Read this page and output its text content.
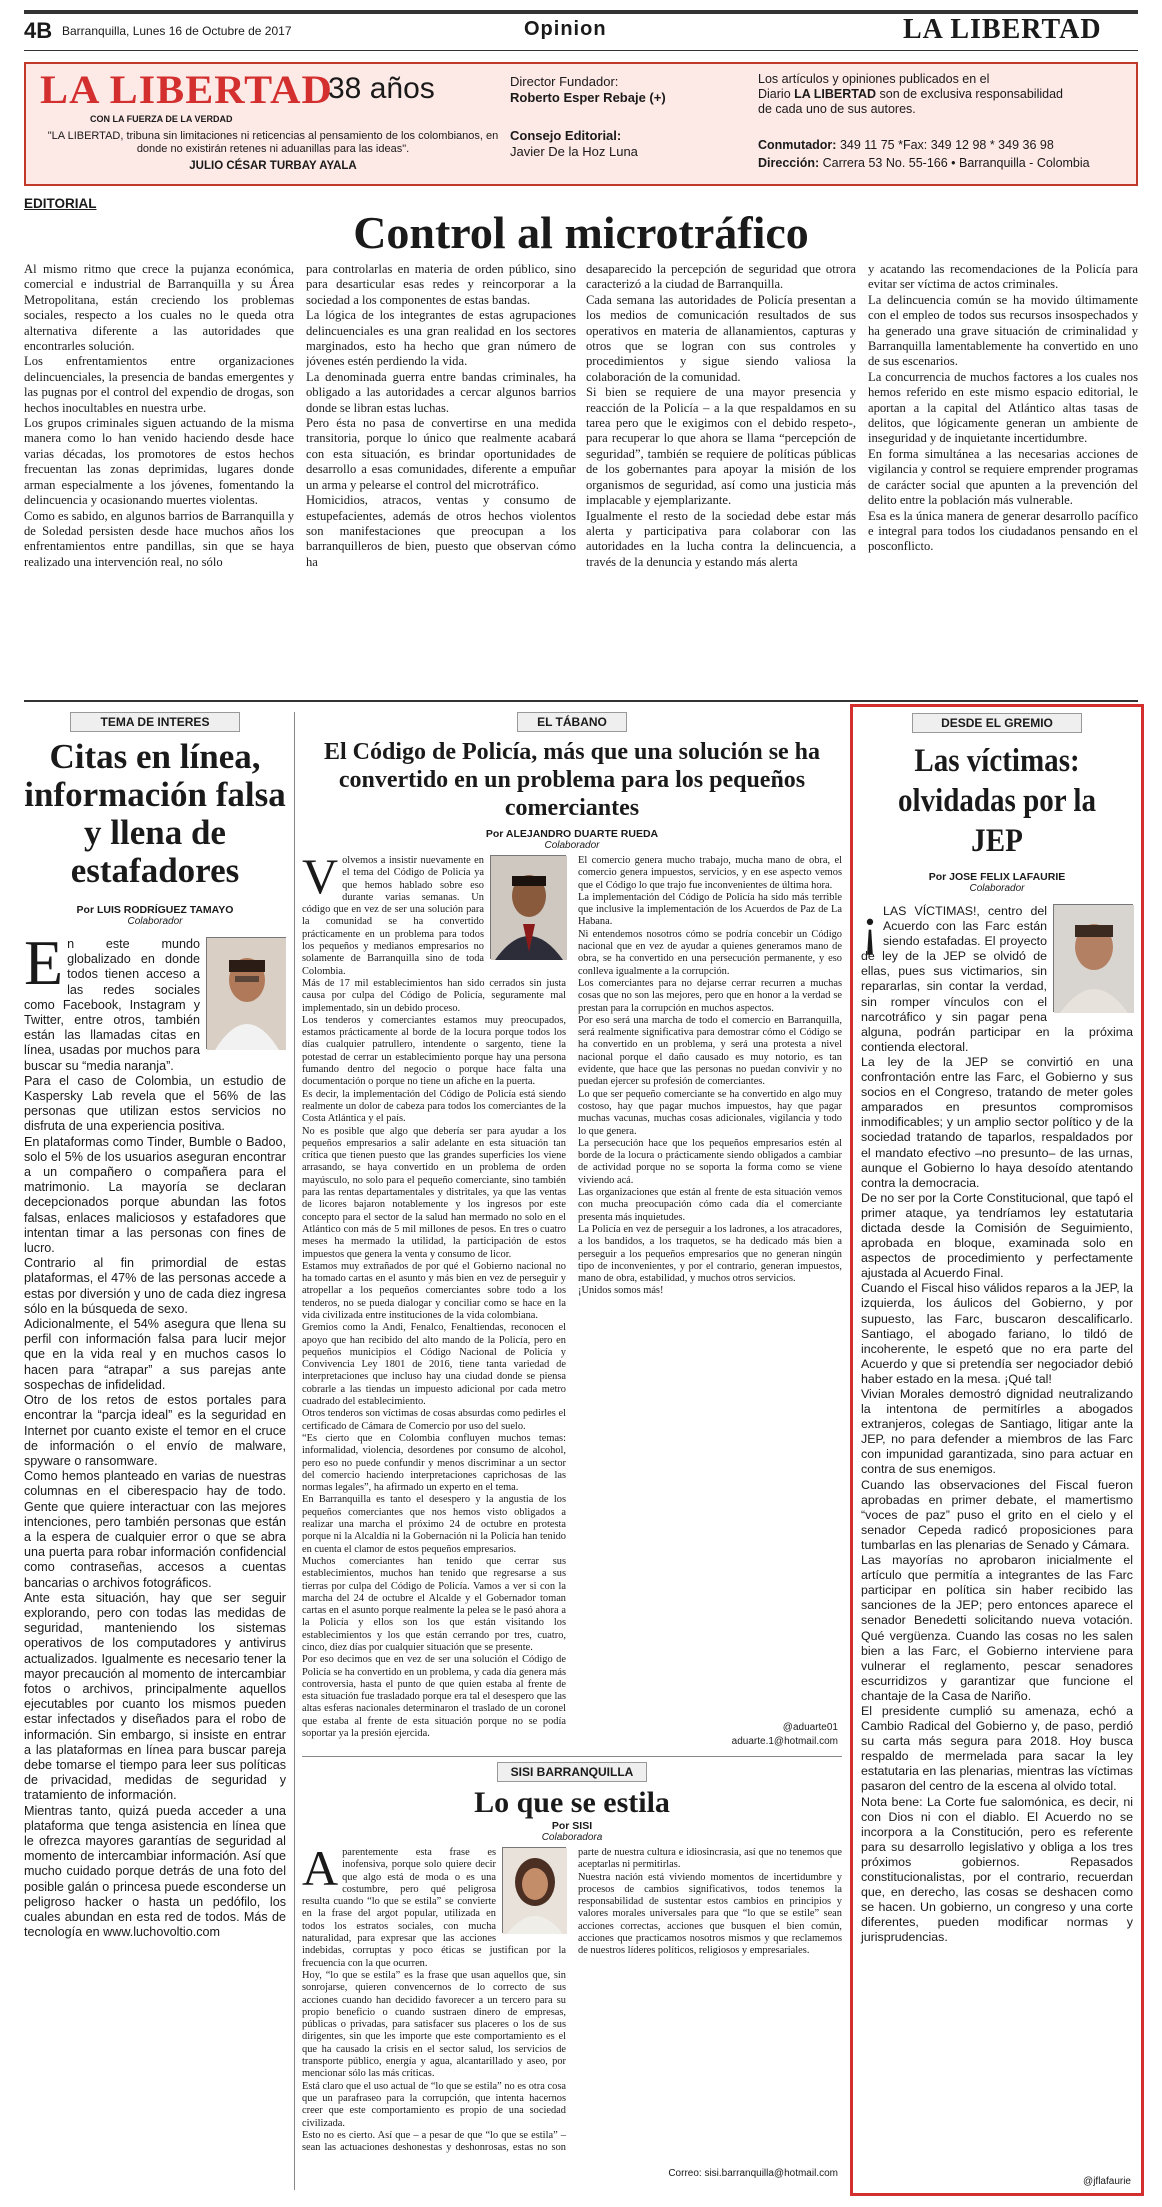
4B Barranquilla, Lunes 16 de Octubre de 2017	Opinion	LA LIBERTAD
LA LIBERTAD
38 años
CON LA FUERZA DE LA VERDAD
"LA LIBERTAD, tribuna sin limitaciones ni reticencias al pensamiento de los colombianos, en donde no existirán retenes ni aduanillas para las ideas".
JULIO CÉSAR TURBAY AYALA
Director Fundador:
Roberto Esper Rebaje (+)
Consejo Editorial:
Javier De la Hoz Luna
Los artículos y opiniones publicados en el
Diario LA LIBERTAD son de exclusiva responsabilidad
de cada uno de sus autores.
Conmutador: 349 11 75 *Fax: 349 12 98 * 349 36 98
Dirección: Carrera 53 No. 55-166 • Barranquilla - Colombia
EDITORIAL
Control al microtráfico

Al mismo ritmo que crece la pujanza económica, comercial e industrial de Barranquilla y su Área Metropolitana, están creciendo los problemas sociales, respecto a los cuales no le queda otra alternativa diferente a las autoridades que encontrarles solución.

Los enfrentamientos entre organizaciones delincuenciales, la presencia de bandas emergentes y las pugnas por el control del expendio de drogas, son hechos inocultables en nuestra urbe.

Los grupos criminales siguen actuando de la misma manera como lo han venido haciendo desde hace varias décadas, los promotores de estos hechos frecuentan las zonas deprimidas, lugares donde arman especialmente a los jóvenes, fomentando la delincuencia y ocasionando muertes violentas.

Como es sabido, en algunos barrios de Barranquilla y de Soledad persisten desde hace muchos años los enfrentamientos entre pandillas, sin que se haya realizado una intervención real, no sólo

para controlarlas en materia de orden público, sino para desarticular esas redes y reincorporar a la sociedad a los componentes de estas bandas.

La lógica de los integrantes de estas agrupaciones delincuenciales es una gran realidad en los sectores marginados, esto ha hecho que gran número de jóvenes estén perdiendo la vida.

La denominada guerra entre bandas criminales, ha obligado a las autoridades a cercar algunos barrios donde se libran estas luchas.

Pero ésta no pasa de convertirse en una medida transitoria, porque lo único que realmente acabará con esta situación, es brindar oportunidades de desarrollo a esas comunidades, diferente a empuñar un arma y pelearse el control del microtráfico.

Homicidios, atracos, ventas y consumo de estupefacientes, además de otros hechos violentos son manifestaciones que preocupan a los barranquilleros de bien, puesto que observan cómo ha

desaparecido la percepción de seguridad que otrora caracterizó a la ciudad de Barranquilla.

Cada semana las autoridades de Policía presentan a los medios de comunicación resultados de sus operativos en materia de allanamientos, capturas y otros que se logran con sus controles y procedimientos y sigue siendo valiosa la colaboración de la comunidad.

Si bien se requiere de una mayor presencia y reacción de la Policía – a la que respaldamos en su tarea pero que le exigimos con el debido respeto-, para recuperar lo que ahora se llama “percepción de seguridad”, también se requiere de políticas públicas de los gobernantes para apoyar la misión de los organismos de seguridad, así como una justicia más implacable y ejemplarizante.

Igualmente el resto de la sociedad debe estar más alerta y participativa para colaborar con las autoridades en la lucha contra la delincuencia, a través de la denuncia y estando más alerta

y acatando las recomendaciones de la Policía para evitar ser víctima de actos criminales.

La delincuencia común se ha movido últimamente con el empleo de todos sus recursos insospechados y ha generado una grave situación de criminalidad y Barranquilla lamentablemente ha convertido en uno de sus escenarios.

La concurrencia de muchos factores a los cuales nos hemos referido en este mismo espacio editorial, le aportan a la capital del Atlántico altas tasas de delitos, que lógicamente generan un ambiente de inseguridad y de inquietante incertidumbre.

En forma simultánea a las necesarias acciones de vigilancia y control se requiere emprender programas de carácter social que apunten a la prevención del delito entre la población más vulnerable.

Esa es la única manera de generar desarrollo pacífico e integral para todos los ciudadanos pensando en el posconflicto.

TEMA DE INTERES
Citas en línea, información falsa y llena de estafadores
Por LUIS RODRÍGUEZ TAMAYO
Colaborador
E n este mundo globalizado en donde todos tienen acceso a las redes sociales como Facebook, Instagram y Twitter, entre otros, también están las llamadas citas en línea, usadas por muchos para buscar su “media naranja”.

Para el caso de Colombia, un estudio de Kaspersky Lab revela que el 56% de las personas que utilizan estos servicios no disfruta de una experiencia positiva.

En plataformas como Tinder, Bumble o Badoo, solo el 5% de los usuarios aseguran encontrar a un compañero o compañera para el matrimonio. La mayoría se declaran decepcionados porque abundan las fotos falsas, enlaces maliciosos y estafadores que intentan timar a las personas con fines de lucro.

Contrario al fin primordial de estas plataformas, el 47% de las personas accede a estas por diversión y uno de cada diez ingresa sólo en la búsqueda de sexo.

Adicionalmente, el 54% asegura que llena su perfil con información falsa para lucir mejor que en la vida real y en muchos casos lo hacen para “atrapar” a sus parejas ante sospechas de infidelidad.

Otro de los retos de estos portales para encontrar la “parcja ideal” es la seguridad en Internet por cuanto existe el temor en el cruce de información o el envío de malware, spyware o ransomware.

Como hemos planteado en varias de nuestras columnas en el ciberespacio hay de todo. Gente que quiere interactuar con las mejores intenciones, pero también personas que están a la espera de cualquier error o que se abra una puerta para robar información confidencial como contraseñas, accesos a cuentas bancarias o archivos fotográficos.

Ante esta situación, hay que ser seguir explorando, pero con todas las medidas de seguridad, manteniendo los sistemas operativos de los computadores y antivirus actualizados. Igualmente es necesario tener la mayor precaución al momento de intercambiar fotos o archivos, principalmente aquellos ejecutables por cuanto los mismos pueden estar infectados y diseñados para el robo de información. Sin embargo, si insiste en entrar a las plataformas en línea para buscar pareja debe tomarse el tiempo para leer sus políticas de privacidad, medidas de seguridad y tratamiento de información.

Mientras tanto, quizá pueda acceder a una plataforma que tenga asistencia en línea que le ofrezca mayores garantías de seguridad al momento de intercambiar información. Así que mucho cuidado porque detrás de una foto del posible galán o princesa puede esconderse un peligroso hacker o hasta un pedófilo, los cuales abundan en esta red de todos. Más de tecnología en www.luchovoltio.com

EL TÁBANO
El Código de Policía, más que una solución se ha convertido en un problema para los pequeños comerciantes
Por ALEJANDRO DUARTE RUEDA
Colaborador
V olvemos a insistir nuevamente en el tema del Código de Policía ya que hemos hablado sobre eso durante varias semanas. Un código que en vez de ser una solución para la comunidad se ha convertido prácticamente en un problema para todos los pequeños y medianos empresarios no solamente de Barranquilla sino de toda Colombia.

Más de 17 mil establecimientos han sido cerrados sin justa causa por culpa del Código de Policía, seguramente mal implementado, sin un debido proceso.

Los tenderos y comerciantes estamos muy preocupados, estamos prácticamente al borde de la locura porque todos los días cualquier patrullero, intendente o sargento, tiene la potestad de cerrar un establecimiento porque hay una persona fumando dentro del negocio o porque hace falta una documentación o porque no tiene un afiche en la puerta.

Es decir, la implementación del Código de Policía está siendo realmente un dolor de cabeza para todos los comerciantes de la Costa Atlántica y el país.

No es posible que algo que debería ser para ayudar a los pequeños empresarios a salir adelante en esta situación tan crítica que tienen puesto que las grandes superficies los viene arrasando, se haya convertido en un problema de orden mayúsculo, no solo para el pequeño comerciante, sino también para las rentas departamentales y distritales, ya que las ventas de licores bajaron notablemente y los ingresos por este concepto para el sector de la salud han mermado no solo en el Atlántico con más de 5 mil millones de pesos. En tres o cuatro meses ha mermado la utilidad, la participación de estos impuestos que genera la venta y consumo de licor.

Estamos muy extrañados de por qué el Gobierno nacional no ha tomado cartas en el asunto y más bien en vez de perseguir y atropellar a los pequeños comerciantes sobre todo a los tenderos, no se pueda dialogar y conciliar como se hace en la vida civilizada entre instituciones de la vida colombiana.

Gremios como la Andi, Fenalco, Fenaltiendas, reconocen el apoyo que han recibido del alto mando de la Policía, pero en pequeños municipios el Código Nacional de Policía y Convivencia Ley 1801 de 2016, tiene tanta variedad de interpretaciones que incluso hay una ciudad donde se piensa cobrarle a las tiendas un impuesto adicional por cada metro cuadrado del establecimiento.

Otros tenderos son víctimas de cosas absurdas como pedirles el certificado de Cámara de Comercio por uso del suelo.

“Es cierto que en Colombia confluyen muchos temas: informalidad, violencia, desordenes por consumo de alcohol, pero eso no puede confundir y menos discriminar a un sector del comercio haciendo interpretaciones caprichosas de las normas legales”, ha afirmado un experto en el tema.

En Barranquilla es tanto el desespero y la angustia de los pequeños comerciantes que nos hemos visto obligados a realizar una marcha el próximo 24 de octubre en protesta porque ni la Alcaldía ni la Gobernación ni la Policía han tenido en cuenta el clamor de estos pequeños empresarios.

Muchos comerciantes han tenido que cerrar sus establecimientos, muchos han tenido que regresarse a sus tierras por culpa del Código de Policía. Vamos a ver si con la marcha del 24 de octubre el Alcalde y el Gobernador toman cartas en el asunto porque realmente la pelea se le pasó ahora a la Policía y ellos son los que están visitando los establecimientos y los que están cerrando por tres, cuatro, cinco, diez días por cualquier situación que se presente.

Por eso decimos que en vez de ser una solución el Código de Policía se ha convertido en un problema, y cada día genera más controversia, hasta el punto de que quien estaba al frente de esta situación fue trasladado porque era tal el desespero que las altas esferas nacionales determinaron el traslado de un coronel que estaba al frente de esta situación porque no se podía soportar ya la presión ejercida.

El comercio genera mucho trabajo, mucha mano de obra, el comercio genera impuestos, servicios, y en ese aspecto vemos que el Código lo que trajo fue inconvenientes de última hora.

La implementación del Código de Policía ha sido más terrible que inclusive la implementación de los Acuerdos de Paz de La Habana.

Ni entendemos nosotros cómo se podría concebir un Código nacional que en vez de ayudar a quienes generamos mano de obra, se ha convertido en una persecución permanente, y eso conlleva igualmente a la corrupción.

Los comerciantes para no dejarse cerrar recurren a muchas cosas que no son las mejores, pero que en honor a la verdad se prestan para la corrupción en muchos aspectos.

Por eso será una marcha de todo el comercio en Barranquilla, será realmente significativa para demostrar cómo el Código se ha convertido en un problema, y será una protesta a nivel nacional porque el daño causado es muy notorio, es tan evidente, que hace que las personas no puedan convivir y no puedan ejercer su profesión de comerciantes.

Lo que ser pequeño comerciante se ha convertido en algo muy costoso, hay que pagar muchos impuestos, hay que pagar muchas vacunas, muchas cosas adicionales, vigilancia y todo lo que genera.

La persecución hace que los pequeños empresarios estén al borde de la locura o prácticamente siendo obligados a cambiar de actividad porque no se soporta la forma como se viene viviendo acá.

Las organizaciones que están al frente de esta situación vemos con mucha preocupación cómo cada día el comerciante presenta más inquietudes.

La Policía en vez de perseguir a los ladrones, a los atracadores, a los bandidos, a los traquetos, se ha dedicado más bien a perseguir a los pequeños empresarios que no generan ningún tipo de inconvenientes, y por el contrario, generan impuestos, mano de obra, estabilidad, y muchos otros servicios.

¡Unidos somos más!

@aduarte01
aduarte.1@hotmail.com
SISI BARRANQUILLA
Lo que se estila
Por SISI
Colaboradora
A parentemente esta frase es inofensiva, porque solo quiere decir que algo está de moda o es una costumbre, pero qué peligrosa resulta cuando “lo que se estila” se convierte en la frase del argot popular, utilizada en todos los estratos sociales, con mucha naturalidad, para expresar que las acciones indebidas, corruptas y poco éticas se justifican por la frecuencia con la que ocurren.

Hoy, “lo que se estila” es la frase que usan aquellos que, sin sonrojarse, quieren convencernos de lo correcto de sus acciones cuando han decidido favorecer a un tercero para su propio beneficio o cuando sustraen dinero de empresas, públicas o privadas, para satisfacer sus placeres o los de sus dirigentes, sin que les importe que este comportamiento es el que ha causado la crisis en el sector salud, los servicios de transporte público, energía y agua, alcantarillado y aseo, por mencionar sólo las más críticas.

Está claro que el uso actual de “lo que se estila” no es otra cosa que un parafraseo para la corrupción, que intenta hacernos creer que este comportamiento es propio de una sociedad civilizada.

Esto no es cierto. Así que – a pesar de que “lo que se estila” – sean las actuaciones deshonestas y deshonrosas, estas no son parte de nuestra cultura e idiosincrasia, así que no tenemos que aceptarlas ni permitirlas.

Nuestra nación está viviendo momentos de incertidumbre y procesos de cambios significativos, todos tenemos la responsabilidad de sustentar estos cambios en principios y valores morales universales para que “lo que se estile” sean acciones correctas, acciones que busquen el bien común, acciones que practicamos nosotros mismos y que reclamemos de nuestros líderes políticos, religiosos y empresariales.

Correo: sisi.barranquilla@hotmail.com
DESDE EL GREMIO
Las víctimas: olvidadas por la JEP
Por JOSE FELIX LAFAURIE
Colaborador
¡ LAS VÍCTIMAS!, centro del Acuerdo con las Farc están siendo estafadas. El proyecto de ley de la JEP se olvidó de ellas, pues sus victimarios, sin repararlas, sin contar la verdad, sin romper vínculos con el narcotráfico y sin pagar pena alguna, podrán participar en la próxima contienda electoral.

La ley de la JEP se convirtió en una confrontación entre las Farc, el Gobierno y sus socios en el Congreso, tratando de meter goles amparados en presuntos compromisos inmodificables; y un amplio sector político y de la sociedad tratando de taparlos, respaldados por el mandato efectivo –no presunto– de las urnas, aunque el Gobierno lo haya desoído atentando contra la democracia.

De no ser por la Corte Constitucional, que tapó el primer ataque, ya tendríamos ley estatutaria dictada desde la Comisión de Seguimiento, aprobada en bloque, examinada solo en aspectos de procedimiento y perfectamente ajustada al Acuerdo Final.

Cuando el Fiscal hiso válidos reparos a la JEP, la izquierda, los áulicos del Gobierno, y por supuesto, las Farc, buscaron descalificarlo. Santiago, el abogado fariano, lo tildó de incoherente, le espetó que no era parte del Acuerdo y que si pretendía ser negociador debió haber estado en la mesa. ¡Qué tal!

Vivian Morales demostró dignidad neutralizando la intentona de permitírles a abogados extranjeros, colegas de Santiago, litigar ante la JEP, no para defender a miembros de las Farc con impunidad garantizada, sino para actuar en contra de sus enemigos.

Cuando las observaciones del Fiscal fueron aprobadas en primer debate, el mamertismo “voces de paz” puso el grito en el cielo y el senador Cepeda radicó proposiciones para tumbarlas en las plenarias de Senado y Cámara.

Las mayorías no aprobaron inicialmente el artículo que permitía a integrantes de las Farc participar en política sin haber recibido las sanciones de la JEP; pero entonces aparece el senador Benedetti solicitando nueva votación. Qué vergüenza. Cuando las cosas no les salen bien a las Farc, el Gobierno interviene para vulnerar el reglamento, pescar senadores escurridizos y garantizar que funcione el chantaje de la Casa de Nariño.

El presidente cumplió su amenaza, echó a Cambio Radical del Gobierno y, de paso, perdió su carta más segura para 2018. Hoy busca respaldo de mermelada para sacar la ley estatutaria en las plenarias, mientras las víctimas pasaron del centro de la escena al olvido total.

Nota bene: La Corte fue salomónica, es decir, ni con Dios ni con el diablo. El Acuerdo no se incorpora a la Constitución, pero es referente para su desarrollo legislativo y obliga a los tres próximos gobiernos. Repasados constitucionalistas, por el contrario, recuerdan que, en derecho, las cosas se deshacen como se hacen. Un gobierno, un congreso y una corte diferentes, pueden modificar normas y jurisprudencias.

@jflafaurie
